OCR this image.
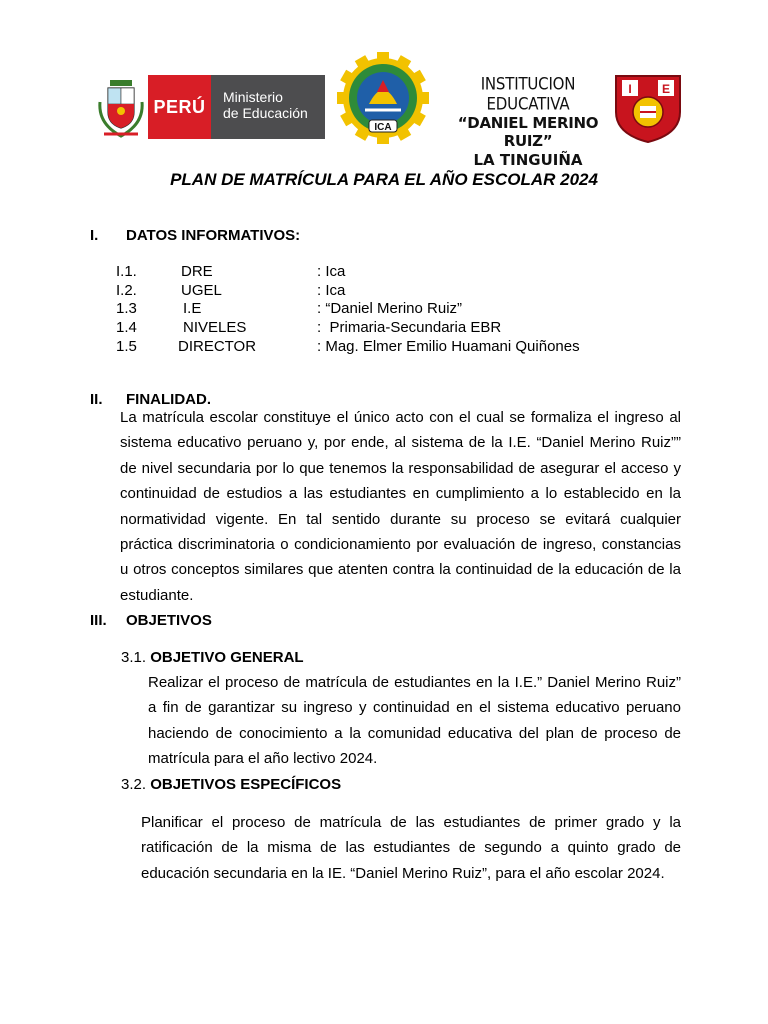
PERÚ	Ministerio
de Educación
ICA
INSTITUCION EDUCATIVA
“DANIEL MERINO RUIZ”
LA TINGUIÑA
I	E
PLAN DE MATRÍCULA PARA EL AÑO ESCOLAR 2024
I. DATOS INFORMATIVOS:
I.1.	DRE	: Ica
I.2.	UGEL	: Ica
1.3	I.E	: “Daniel Merino Ruiz”
1.4	NIVELES	:  Primaria-Secundaria EBR
1.5	DIRECTOR	: Mag. Elmer Emilio Huamani Quiñones
II. FINALIDAD.
La matrícula escolar constituye el único acto con el cual se formaliza el ingreso al sistema educativo peruano y, por ende, al sistema de la I.E. “Daniel Merino Ruiz”” de nivel secundaria por lo que tenemos la responsabilidad de asegurar el acceso y continuidad de estudios a las estudiantes en cumplimiento a lo establecido en la normatividad vigente. En tal sentido durante su proceso se evitará cualquier práctica discriminatoria o condicionamiento por evaluación de ingreso, constancias u otros conceptos similares que atenten contra la continuidad de la educación de la estudiante.
III. OBJETIVOS
3.1. OBJETIVO GENERAL
Realizar el proceso de matrícula de estudiantes en la I.E.” Daniel Merino Ruiz” a fin de garantizar su ingreso y continuidad en el sistema educativo peruano haciendo de conocimiento a la comunidad educativa del plan de proceso de matrícula para el año lectivo 2024.
3.2. OBJETIVOS ESPECÍFICOS
Planificar el proceso de matrícula de las estudiantes de primer grado y la ratificación de la misma de las estudiantes de segundo a quinto grado de educación secundaria en la IE. “Daniel Merino Ruiz”, para el año escolar 2024.
